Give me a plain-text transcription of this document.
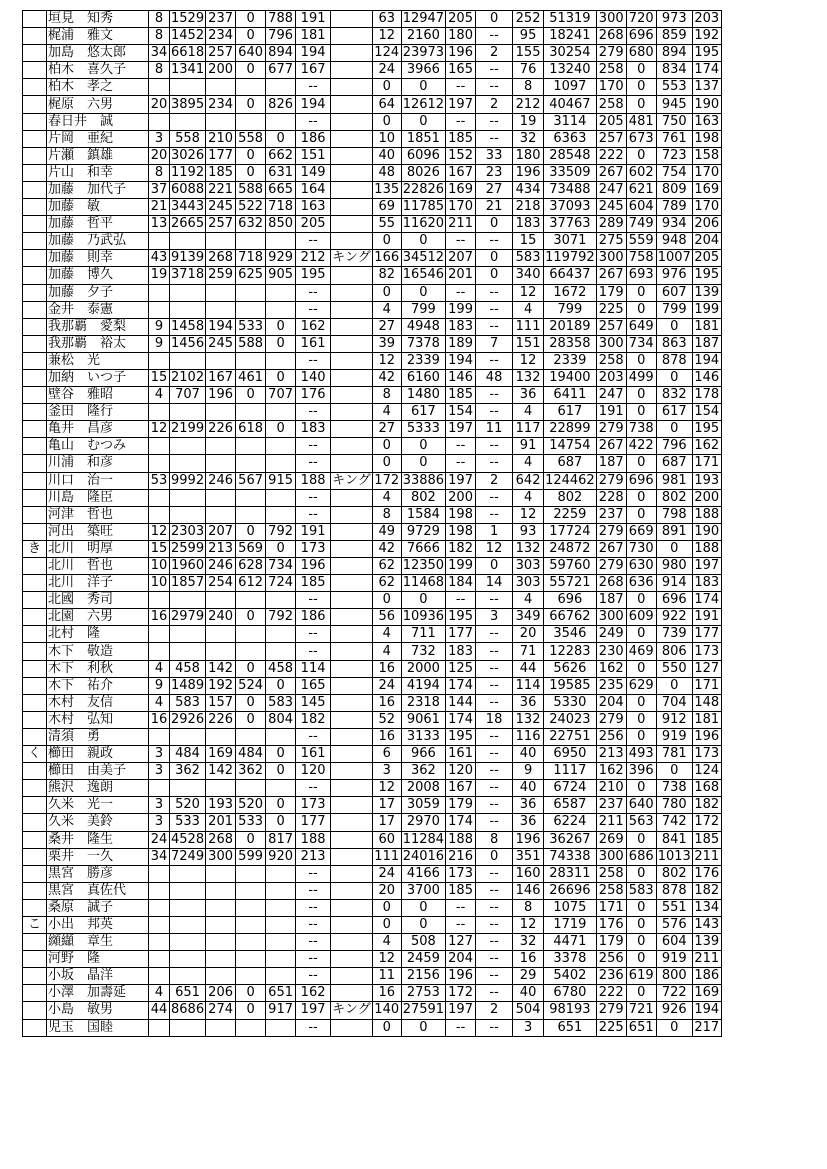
	垣見　知秀	8	1529	237	0	788	191		63	12947	205	0	252	51319	300	720	973	203
	梶浦　雅文	8	1452	234	0	796	181		12	2160	180	--	95	18241	268	696	859	192
	加島　悠太郎	34	6618	257	640	894	194		124	23973	196	2	155	30254	279	680	894	195
	柏木　喜久子	8	1341	200	0	677	167		24	3966	165	--	76	13240	258	0	834	174
	柏木　孝之						--		0	0	--	--	8	1097	170	0	553	137
	梶原　六男	20	3895	234	0	826	194		64	12612	197	2	212	40467	258	0	945	190
	春日井　誠						--		0	0	--	--	19	3114	205	481	750	163
	片岡　亜紀	3	558	210	558	0	186		10	1851	185	--	32	6363	257	673	761	198
	片瀬　鎮雄	20	3026	177	0	662	151		40	6096	152	33	180	28548	222	0	723	158
	片山　和幸	8	1192	185	0	631	149		48	8026	167	23	196	33509	267	602	754	170
	加藤　加代子	37	6088	221	588	665	164		135	22826	169	27	434	73488	247	621	809	169
	加藤　敏	21	3443	245	522	718	163		69	11785	170	21	218	37093	245	604	789	170
	加藤　哲平	13	2665	257	632	850	205		55	11620	211	0	183	37763	289	749	934	206
	加藤　乃武弘						--		0	0	--	--	15	3071	275	559	948	204
	加藤　則幸	43	9139	268	718	929	212	キング	166	34512	207	0	583	119792	300	758	1007	205
	加藤　博久	19	3718	259	625	905	195		82	16546	201	0	340	66437	267	693	976	195
	加藤　夕子						--		0	0	--	--	12	1672	179	0	607	139
	金井　泰憲						--		4	799	199	--	4	799	225	0	799	199
	我那覇　愛梨	9	1458	194	533	0	162		27	4948	183	--	111	20189	257	649	0	181
	我那覇　裕太	9	1456	245	588	0	161		39	7378	189	7	151	28358	300	734	863	187
	兼松　光						--		12	2339	194	--	12	2339	258	0	878	194
	加納　いつ子	15	2102	167	461	0	140		42	6160	146	48	132	19400	203	499	0	146
	壁谷　雅昭	4	707	196	0	707	176		8	1480	185	--	36	6411	247	0	832	178
	釜田　隆行						--		4	617	154	--	4	617	191	0	617	154
	亀井　昌彦	12	2199	226	618	0	183		27	5333	197	11	117	22899	279	738	0	195
	亀山　むつみ						--		0	0	--	--	91	14754	267	422	796	162
	川浦　和彦						--		0	0	--	--	4	687	187	0	687	171
	川口　治一	53	9992	246	567	915	188	キング	172	33886	197	2	642	124462	279	696	981	193
	川島　隆臣						--		4	802	200	--	4	802	228	0	802	200
	河津　哲也						--		8	1584	198	--	12	2259	237	0	798	188
	河出　築旺	12	2303	207	0	792	191		49	9729	198	1	93	17724	279	669	891	190
き	北川　明厚	15	2599	213	569	0	173		42	7666	182	12	132	24872	267	730	0	188
	北川　哲也	10	1960	246	628	734	196		62	12350	199	0	303	59760	279	630	980	197
	北川　洋子	10	1857	254	612	724	185		62	11468	184	14	303	55721	268	636	914	183
	北國　秀司						--		0	0	--	--	4	696	187	0	696	174
	北園　六男	16	2979	240	0	792	186		56	10936	195	3	349	66762	300	609	922	191
	北村　隆						--		4	711	177	--	20	3546	249	0	739	177
	木下　敬造						--		4	732	183	--	71	12283	230	469	806	173
	木下　利秋	4	458	142	0	458	114		16	2000	125	--	44	5626	162	0	550	127
	木下　祐介	9	1489	192	524	0	165		24	4194	174	--	114	19585	235	629	0	171
	木村　友信	4	583	157	0	583	145		16	2318	144	--	36	5330	204	0	704	148
	木村　弘知	16	2926	226	0	804	182		52	9061	174	18	132	24023	279	0	912	181
	清須　勇						--		16	3133	195	--	116	22751	256	0	919	196
く	櫛田　親政	3	484	169	484	0	161		6	966	161	--	40	6950	213	493	781	173
	櫛田　由美子	3	362	142	362	0	120		3	362	120	--	9	1117	162	396	0	124
	熊沢　逸朗						--		12	2008	167	--	40	6724	210	0	738	168
	久米　光一	3	520	193	520	0	173		17	3059	179	--	36	6587	237	640	780	182
	久米　美鈴	3	533	201	533	0	177		17	2970	174	--	36	6224	211	563	742	172
	桑井　隆生	24	4528	268	0	817	188		60	11284	188	8	196	36267	269	0	841	185
	栗井　一久	34	7249	300	599	920	213		111	24016	216	0	351	74338	300	686	1013	211
	黒宮　勝彦						--		24	4166	173	--	160	28311	258	0	802	176
	黒宮　真佐代						--		20	3700	185	--	146	26696	258	583	878	182
	桑原　誠子						--		0	0	--	--	8	1075	171	0	551	134
こ	小出　邦英						--		0	0	--	--	12	1719	176	0	576	143
	纐纈　章生						--		4	508	127	--	32	4471	179	0	604	139
	河野　隆						--		12	2459	204	--	16	3378	256	0	919	211
	小坂　晶洋						--		11	2156	196	--	29	5402	236	619	800	186
	小澤　加壽延	4	651	206	0	651	162		16	2753	172	--	40	6780	222	0	722	169
	小島　敏男	44	8686	274	0	917	197	キング	140	27591	197	2	504	98193	279	721	926	194
	児玉　国睦						--		0	0	--	--	3	651	225	651	0	217
